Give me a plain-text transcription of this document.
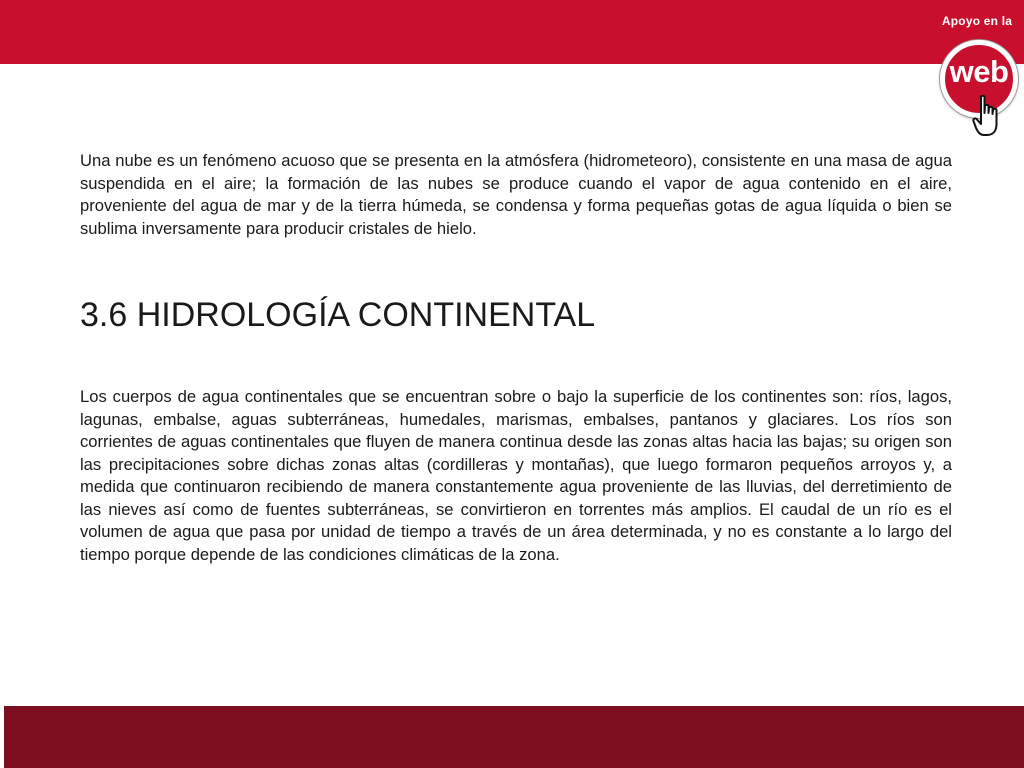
Apoyo en la
web

Una nube es un fenómeno acuoso que se presenta en la atmósfera (hidrometeoro), consistente en una masa de agua suspendida en el aire; la formación de las nubes se produce cuando el vapor de agua contenido en el aire, proveniente del agua de mar y de la tierra húmeda, se condensa y forma pequeñas gotas de agua líquida o bien se sublima inversamente para producir cristales de hielo.

3.6 HIDROLOGÍA CONTINENTAL

Los cuerpos de agua continentales que se encuentran sobre o bajo la superficie de los continentes son: ríos, lagos, lagunas, embalse, aguas subterráneas, humedales, marismas, embalses, pantanos y glaciares. Los ríos son corrientes de aguas continentales que fluyen de manera continua desde las zonas altas hacia las bajas; su origen son las precipitaciones sobre dichas zonas altas (cordilleras y montañas), que luego formaron pequeños arroyos y, a medida que continuaron recibiendo de manera constantemente agua proveniente de las lluvias, del derretimiento de las nieves así como de fuentes subterráneas, se convirtieron en torrentes más amplios. El caudal de un río es el volumen de agua que pasa por unidad de tiempo a través de un área determinada, y no es constante a lo largo del tiempo porque depende de las condiciones climáticas de la zona.
